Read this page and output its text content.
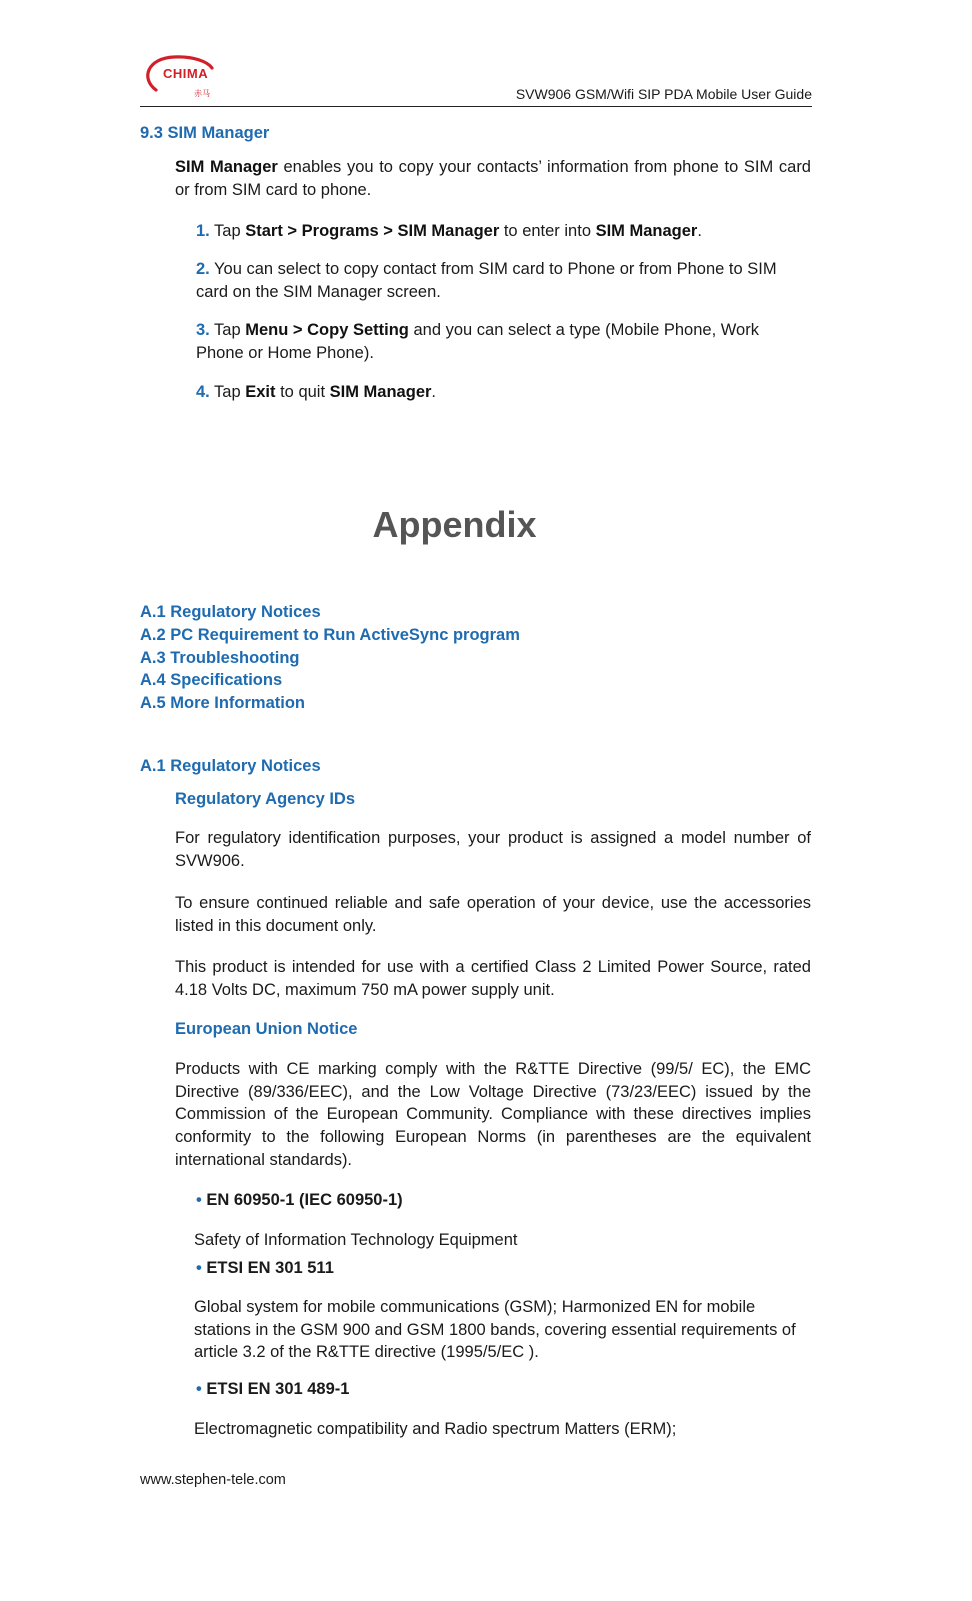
CHIMA
赤马	SVW906 GSM/Wifi SIP PDA Mobile User Guide
9.3 SIM Manager
SIM Manager enables you to copy your contacts’ information from phone to SIM card or from SIM card to phone.
1. Tap Start > Programs > SIM Manager to enter into SIM Manager.
2. You can select to copy contact from SIM card to Phone or from Phone to SIM card on the SIM Manager screen.
3. Tap Menu > Copy Setting and you can select a type (Mobile Phone, Work Phone or Home Phone).
4. Tap Exit to quit SIM Manager.
Appendix
A.1 Regulatory Notices
A.2 PC Requirement to Run ActiveSync program
A.3 Troubleshooting
A.4 Specifications
A.5 More Information
A.1 Regulatory Notices
Regulatory Agency IDs
For regulatory identification purposes, your product is assigned a model number of SVW906.
To ensure continued reliable and safe operation of your device, use the accessories listed in this document only.
This product is intended for use with a certified Class 2 Limited Power Source, rated 4.18 Volts DC, maximum 750 mA power supply unit.
European Union Notice
Products with CE marking comply with the R&TTE Directive (99/5/ EC), the EMC Directive (89/336/EEC), and the Low Voltage Directive (73/23/EEC) issued by the Commission of the European Community. Compliance with these directives implies conformity to the following European Norms (in parentheses are the equivalent international standards).
• EN 60950-1 (IEC 60950-1)
Safety of Information Technology Equipment
• ETSI EN 301 511
Global system for mobile communications (GSM); Harmonized EN for mobile stations in the GSM 900 and GSM 1800 bands, covering essential requirements of article 3.2 of the R&TTE directive (1995/5/EC ).
• ETSI EN 301 489-1
Electromagnetic compatibility and Radio spectrum Matters (ERM);
www.stephen-tele.com
